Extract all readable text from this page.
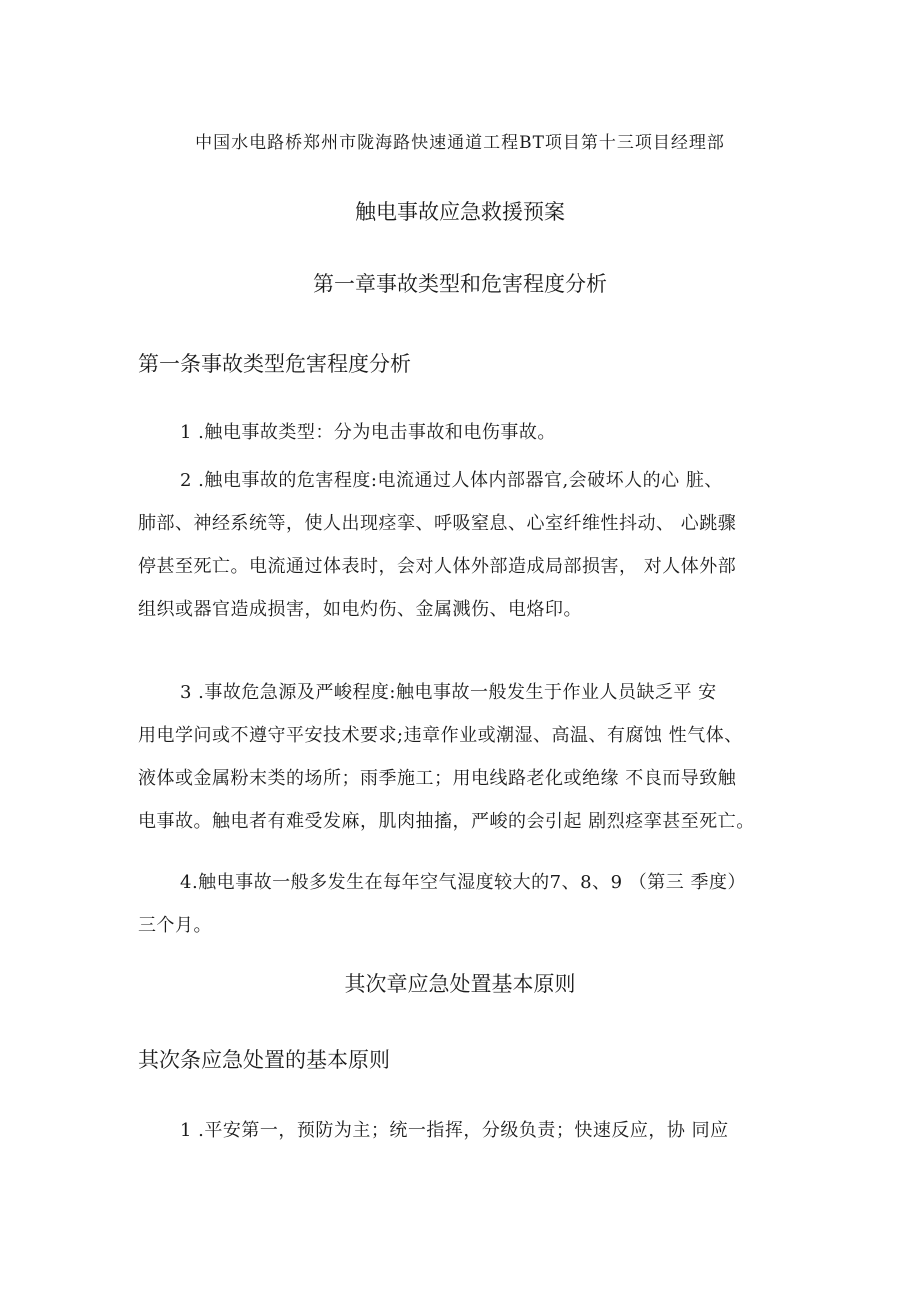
中国水电路桥郑州市陇海路快速通道工程BT项目第十三项目经理部
触电事故应急救援预案
第一章事故类型和危害程度分析
第一条事故类型危害程度分析
1 .触电事故类型：分为电击事故和电伤事故。
2 .触电事故的危害程度:电流通过人体内部器官,会破坏人的心 脏、
肺部、神经系统等，使人出现痉挛、呼吸窒息、心室纤维性抖动、 心跳骤
停甚至死亡。电流通过体表时，会对人体外部造成局部损害， 对人体外部
组织或器官造成损害，如电灼伤、金属溅伤、电烙印。
3 .事故危急源及严峻程度:触电事故一般发生于作业人员缺乏平 安
用电学问或不遵守平安技术要求;违章作业或潮湿、高温、有腐蚀 性气体、
液体或金属粉末类的场所；雨季施工；用电线路老化或绝缘 不良而导致触
电事故。触电者有难受发麻，肌肉抽搐，严峻的会引起 剧烈痉挛甚至死亡。
4.触电事故一般多发生在每年空气湿度较大的7、8、9 （第三 季度）
三个月。
其次章应急处置基本原则
其次条应急处置的基本原则
1 .平安第一，预防为主；统一指挥，分级负责；快速反应，协 同应
